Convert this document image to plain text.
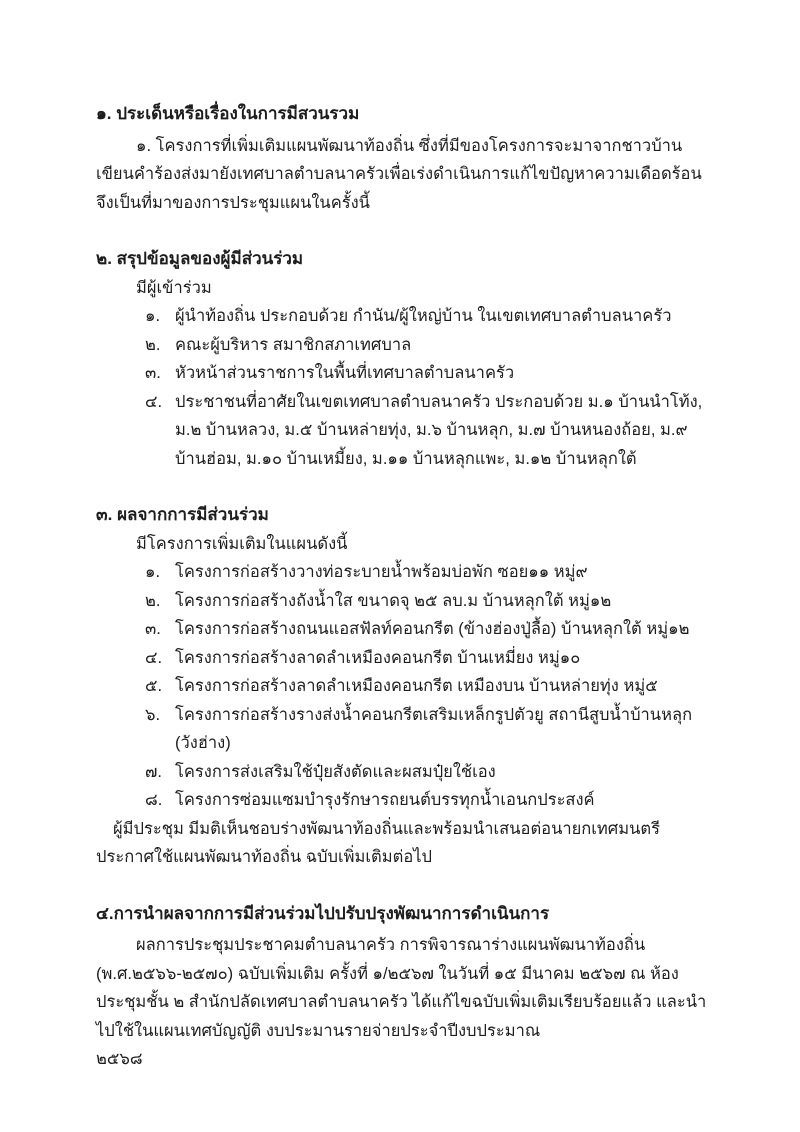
๑. ประเด็นหรือเรื่องในการมีสวนรวม

๑. โครงการที่เพิ่มเติมแผนพัฒนาท้องถิ่น ซึ่งที่มีของโครงการจะมาจากชาวบ้านเขียนคำร้องส่งมายังเทศบาลตำบลนาครัวเพื่อเร่งดำเนินการแก้ไขปัญหาความเดือดร้อน จึงเป็นที่มาของการประชุมแผนในครั้งนี้

๒. สรุปข้อมูลของผู้มีส่วนร่วม

มีผู้เข้าร่วม

๑. ผู้นำท้องถิ่น ประกอบด้วย กำนัน/ผู้ใหญ่บ้าน ในเขตเทศบาลตำบลนาครัว
๒. คณะผู้บริหาร สมาชิกสภาเทศบาล
๓. หัวหน้าส่วนราชการในพื้นที่เทศบาลตำบลนาครัว
๔. ประชาชนที่อาศัยในเขตเทศบาลตำบลนาครัว ประกอบด้วย ม.๑ บ้านนำโท้ง, ม.๒ บ้านหลวง, ม.๕ บ้านหล่ายทุ่ง, ม.๖ บ้านหลุก, ม.๗ บ้านหนองถ้อย, ม.๙ บ้านฮ่อม, ม.๑๐ บ้านเหมี้ยง, ม.๑๑ บ้านหลุกแพะ, ม.๑๒ บ้านหลุกใต้
๓. ผลจากการมีส่วนร่วม

มีโครงการเพิ่มเติมในแผนดังนี้

๑. โครงการก่อสร้างวางท่อระบายน้ำพร้อมบ่อพัก ซอย๑๑ หมู่๙
๒. โครงการก่อสร้างถังน้ำใส ขนาดจุ ๒๕ ลบ.ม บ้านหลุกใต้ หมู่๑๒
๓. โครงการก่อสร้างถนนแอสฟัลท์คอนกรีต (ข้างฮ่องปู่ลื้อ) บ้านหลุกใต้ หมู่๑๒
๔. โครงการก่อสร้างลาดลำเหมืองคอนกรีต บ้านเหมี่ยง หมู่๑๐
๕. โครงการก่อสร้างลาดลำเหมืองคอนกรีต เหมืองบน บ้านหล่ายทุ่ง หมู่๕
๖. โครงการก่อสร้างรางส่งน้ำคอนกรีตเสริมเหล็กรูปตัวยู สถานีสูบน้ำบ้านหลุก (วังฮ่าง)
๗. โครงการส่งเสริมใช้ปุ๋ยสังตัดและผสมปุ๋ยใช้เอง
๘. โครงการซ่อมแซมบำรุงรักษารถยนต์บรรทุกน้ำเอนกประสงค์

ผู้มีประชุม มีมติเห็นชอบร่างพัฒนาท้องถิ่นและพร้อมนำเสนอต่อนายกเทศมนตรีประกาศใช้แผนพัฒนาท้องถิ่น ฉบับเพิ่มเติมต่อไป

๔.การนำผลจากการมีส่วนร่วมไปปรับปรุงพัฒนาการดำเนินการ

ผลการประชุมประชาคมตำบลนาครัว การพิจารณาร่างแผนพัฒนาท้องถิ่น (พ.ศ.๒๕๖๖-๒๕๗๐) ฉบับเพิ่มเติม ครั้งที่ ๑/๒๕๖๗ ในวันที่ ๑๕ มีนาคม ๒๕๖๗ ณ ห้องประชุมชั้น ๒ สำนักปลัดเทศบาลตำบลนาครัว ได้แก้ไขฉบับเพิ่มเติมเรียบร้อยแล้ว และนำไปใช้ในแผนเทศบัญญัติ งบประมานรายจ่ายประจำปีงบประมาณ

๒๕๖๘
